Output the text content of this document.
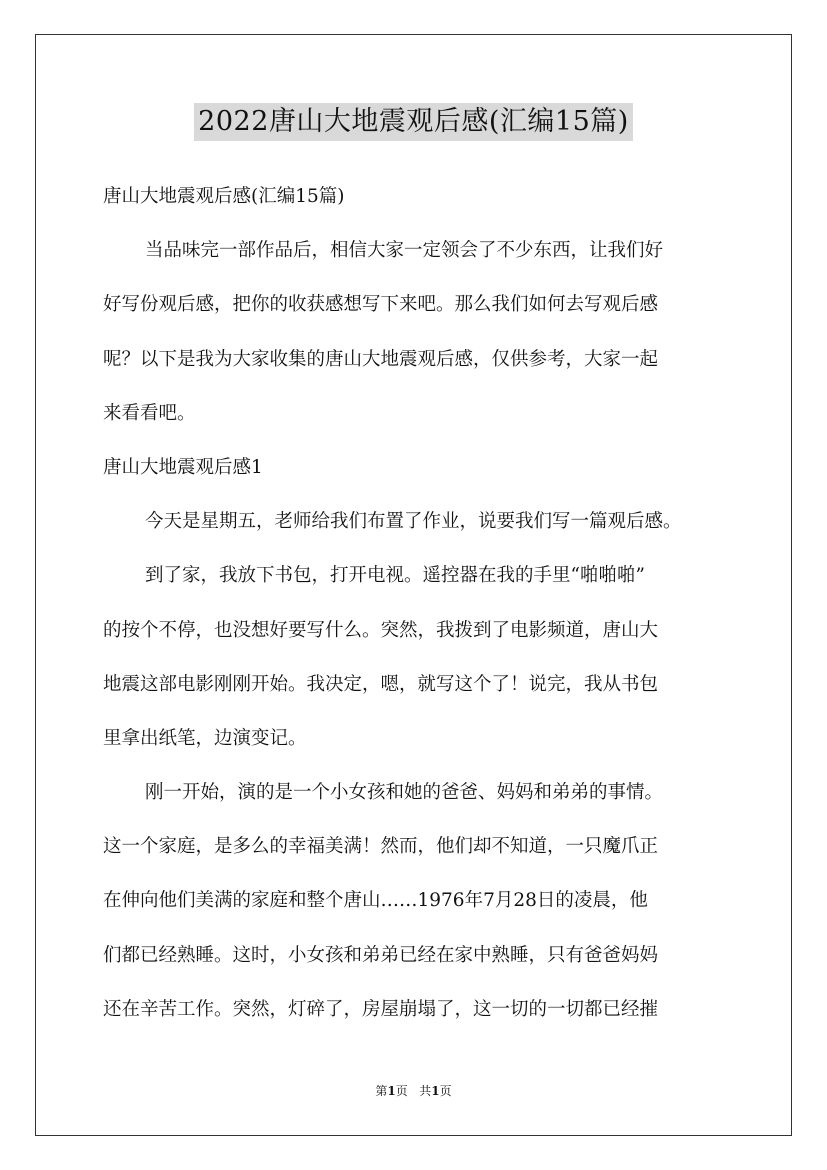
2022唐山大地震观后感(汇编15篇)
唐山大地震观后感(汇编15篇)
当品味完一部作品后，相信大家一定领会了不少东西，让我们好
好写份观后感，把你的收获感想写下来吧。那么我们如何去写观后感
呢？以下是我为大家收集的唐山大地震观后感，仅供参考，大家一起
来看看吧。
唐山大地震观后感1
今天是星期五，老师给我们布置了作业，说要我们写一篇观后感。
到了家，我放下书包，打开电视。遥控器在我的手里“啪啪啪”
的按个不停，也没想好要写什么。突然，我拨到了电影频道，唐山大
地震这部电影刚刚开始。我决定，嗯，就写这个了！说完，我从书包
里拿出纸笔，边演变记。
刚一开始，演的是一个小女孩和她的爸爸、妈妈和弟弟的事情。
这一个家庭，是多么的幸福美满！然而，他们却不知道，一只魔爪正
在伸向他们美满的家庭和整个唐山……1976年7月28日的凌晨，他
们都已经熟睡。这时，小女孩和弟弟已经在家中熟睡，只有爸爸妈妈
还在辛苦工作。突然，灯碎了，房屋崩塌了，这一切的一切都已经摧
第1页 共1页
